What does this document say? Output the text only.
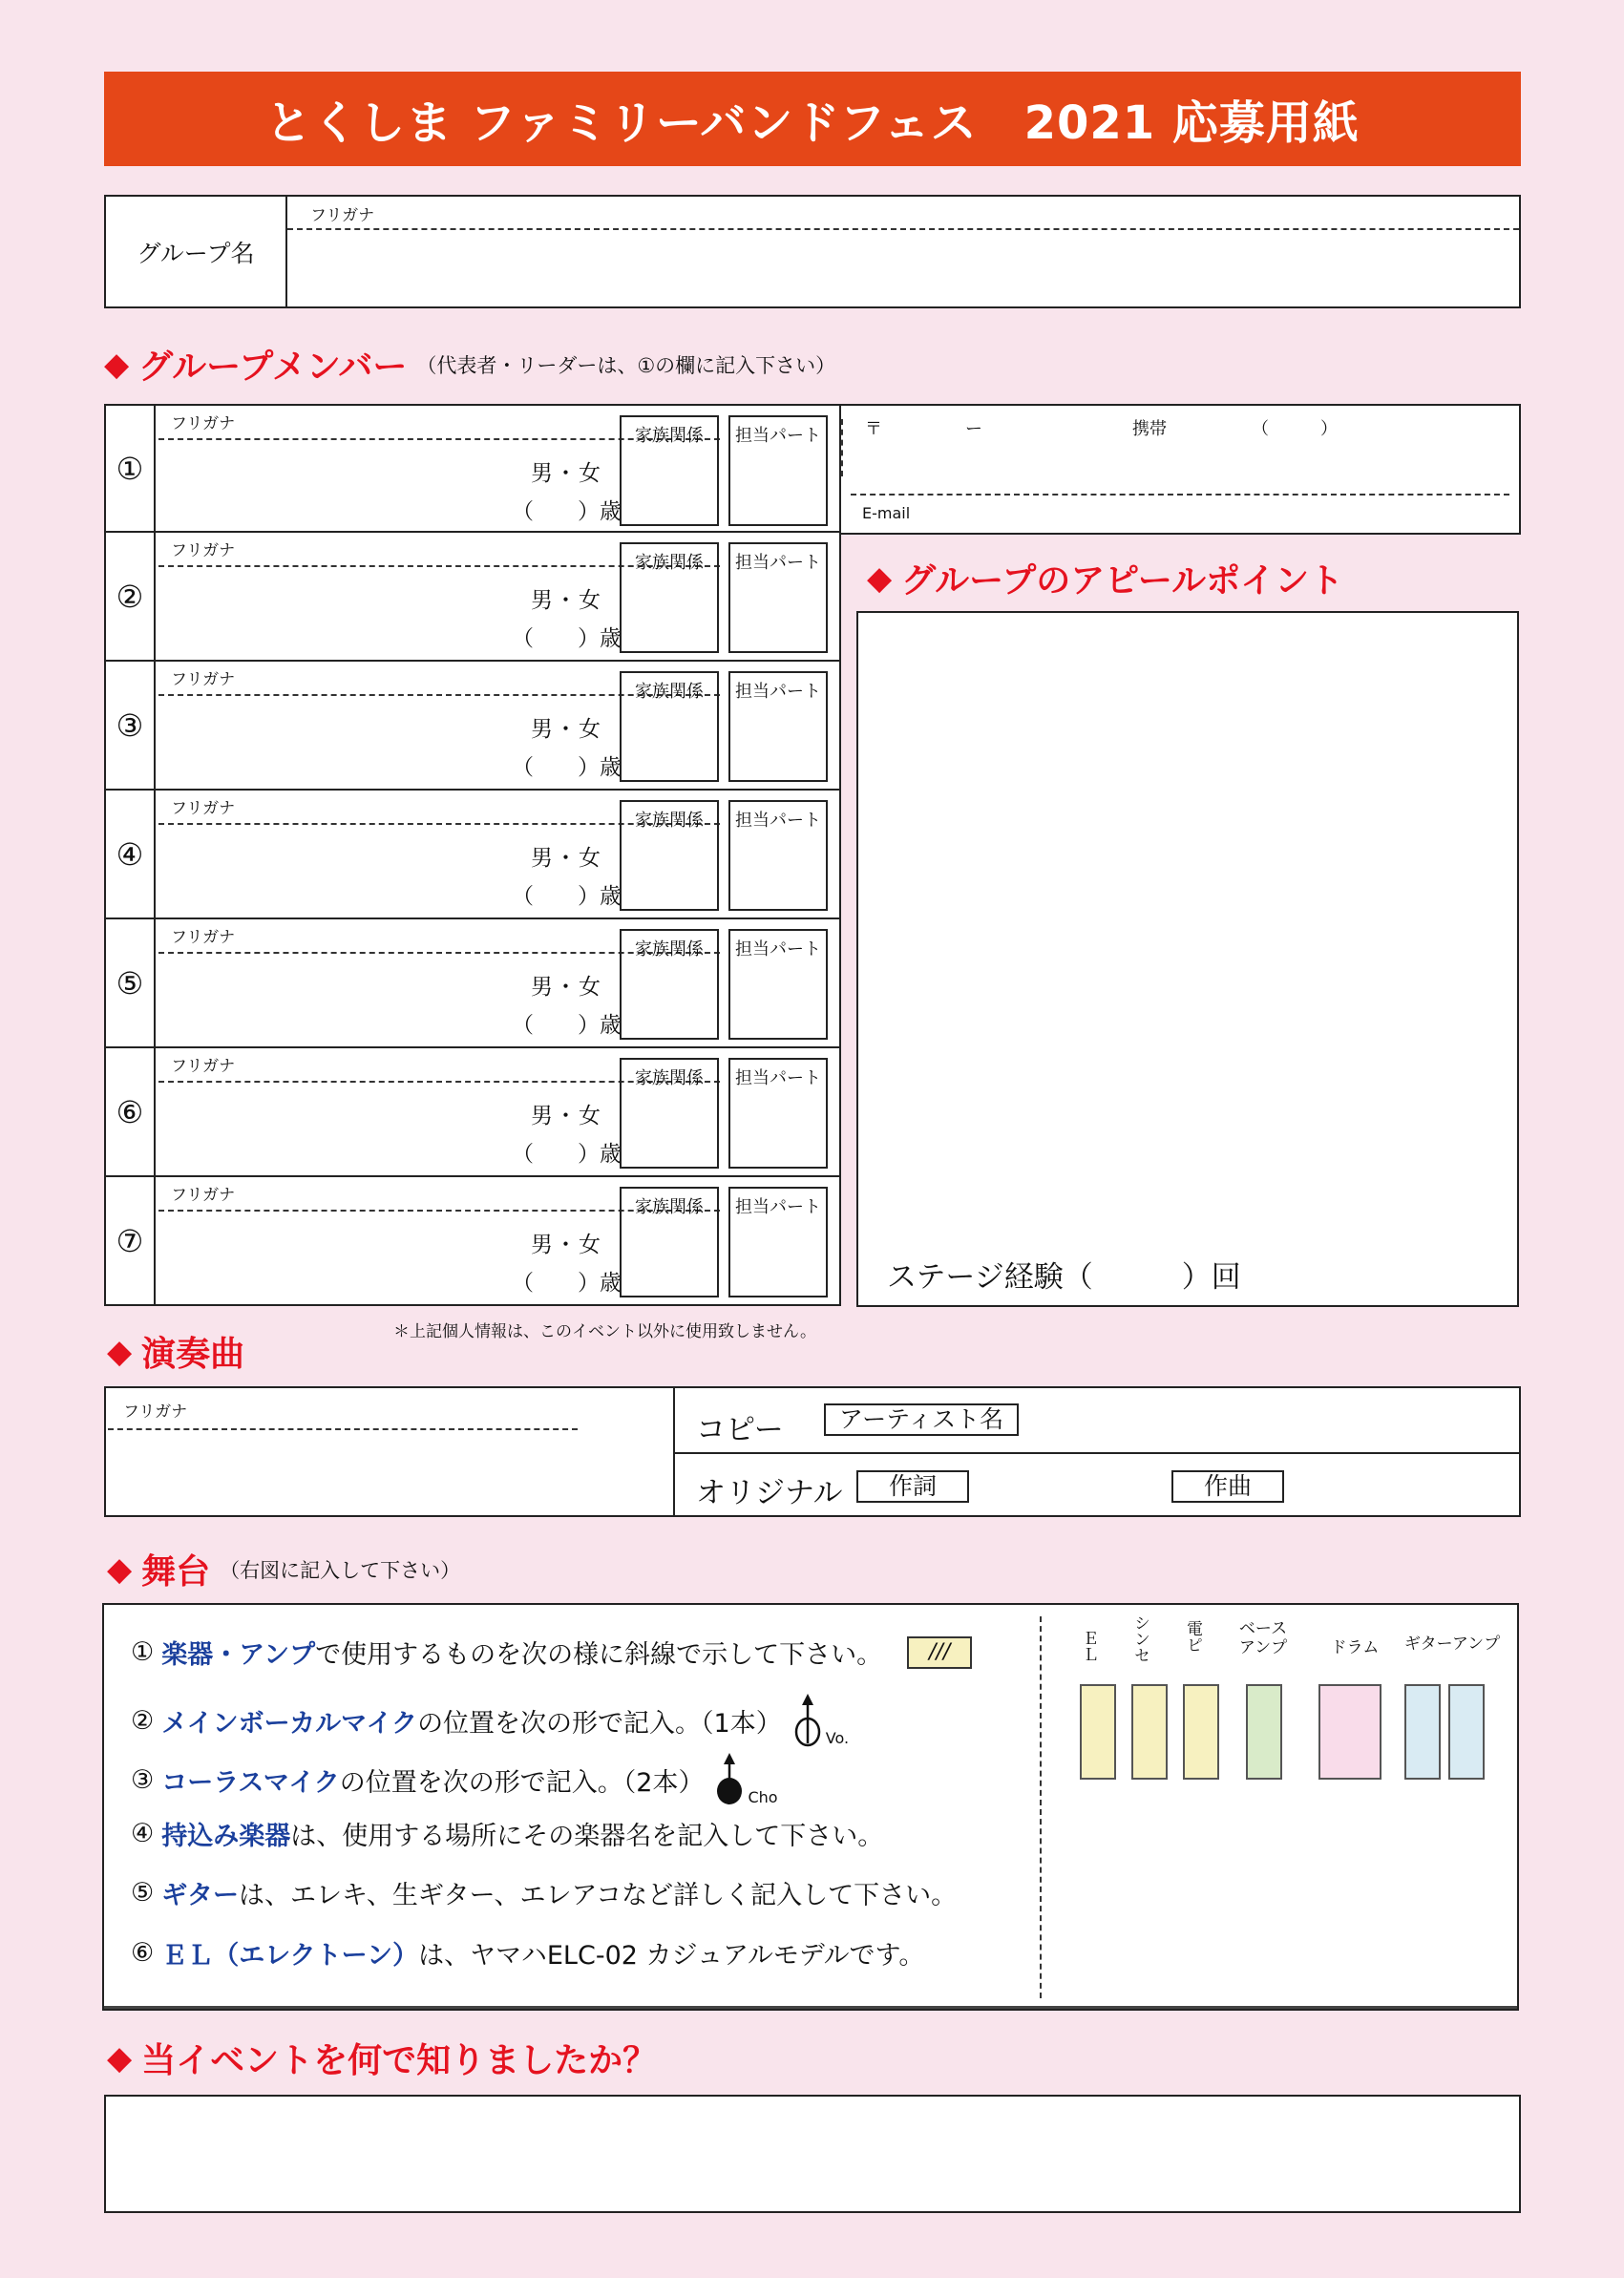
とくしま ファミリーバンドフェス　2021 応募用紙
グループ名
フリガナ
◆ グループメンバー （代表者・リーダーは、①の欄に記入下さい）
①
フリガナ
男・女
（　　）歳
家族関係	担当パート
②
フリガナ
男・女
（　　）歳
家族関係	担当パート
③
フリガナ
男・女
（　　）歳
家族関係	担当パート
④
フリガナ
男・女
（　　）歳
家族関係	担当パート
⑤
フリガナ
男・女
（　　）歳
家族関係	担当パート
⑥
フリガナ
男・女
（　　）歳
家族関係	担当パート
⑦
フリガナ
男・女
（　　）歳
家族関係	担当パート
〒	ー	携帯	（　　　）
E-mail
◆ グループのアピールポイント
ステージ経験（　　　）回
＊上記個人情報は、このイベント以外に使用致しません。
◆ 演奏曲
フリガナ
コピー	アーティスト名
オリジナル	作詞	作曲
◆ 舞台 （右図に記入して下さい）
① 楽器・アンプ で使用するものを次の様に斜線で示して下さい。	///
② メインボーカルマイク の位置を次の形で記入。（1本）	Vo.
③ コーラスマイク の位置を次の形で記入。（2本）	Cho
④ 持込み楽器 は、使用する場所にその楽器名を記入して下さい。
⑤ ギター は、エレキ、生ギター、エレアコなど詳しく記入して下さい。
⑥ ＥＬ（エレクトーン） は、ヤマハELC-02 カジュアルモデルです。
ＥＬ シンセ 電ピ ベース
アンプ	ドラム	ギターアンプ
◆ 当イベントを何で知りましたか？
